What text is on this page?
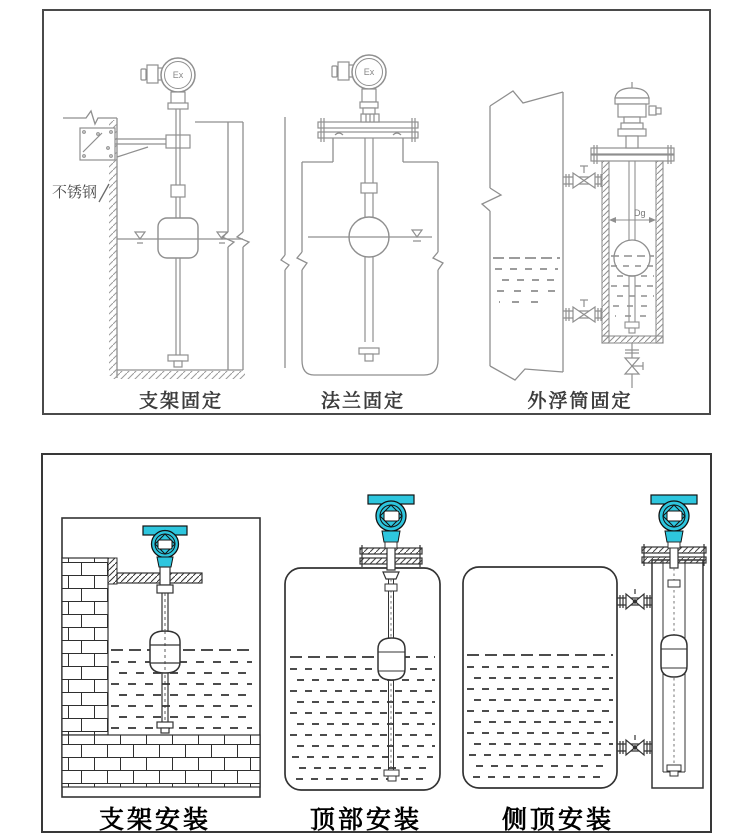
Ex
不锈钢
Ex
Dg
支架固定	法兰固定	外浮筒固定
支架安装	顶部安装	侧顶安装
